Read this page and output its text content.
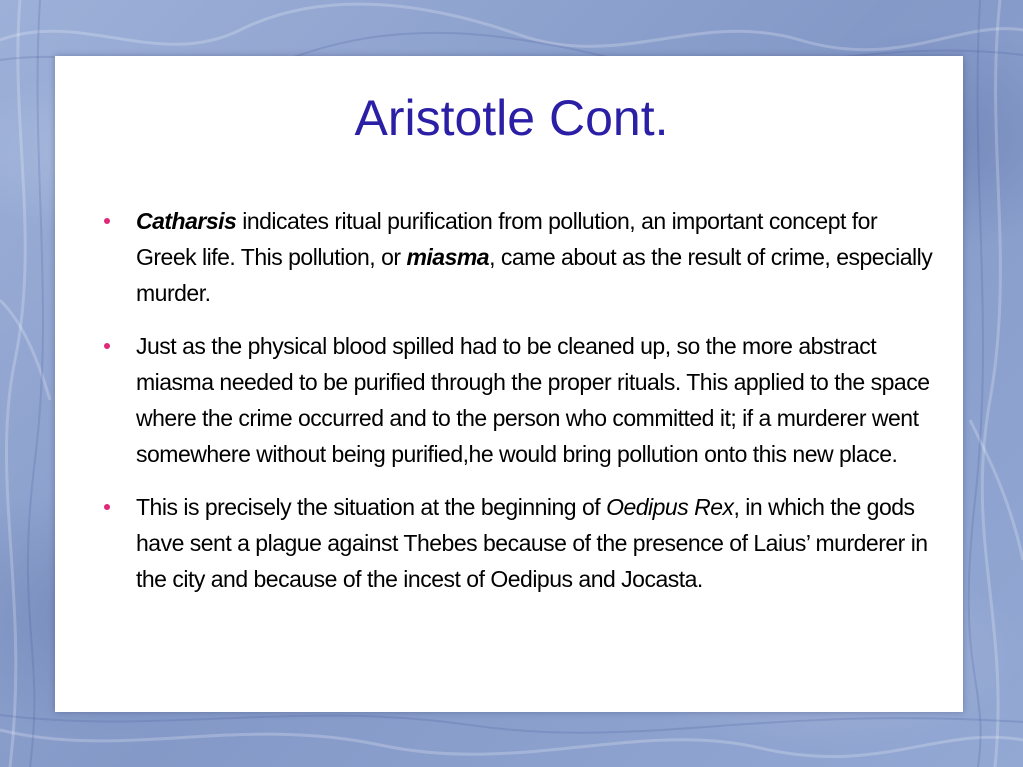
Aristotle Cont.
Catharsis indicates ritual purification from pollution, an important concept for Greek life. This pollution, or miasma, came about as the result of crime, especially murder.
Just as the physical blood spilled had to be cleaned up, so the more abstract miasma needed to be purified through the proper rituals. This applied to the space where the crime occurred and to the person who committed it; if a murderer went somewhere without being purified,he would bring pollution onto this new place.
This is precisely the situation at the beginning of Oedipus Rex, in which the gods have sent a plague against Thebes because of the presence of Laius’ murderer in the city and because of the incest of Oedipus and Jocasta.
